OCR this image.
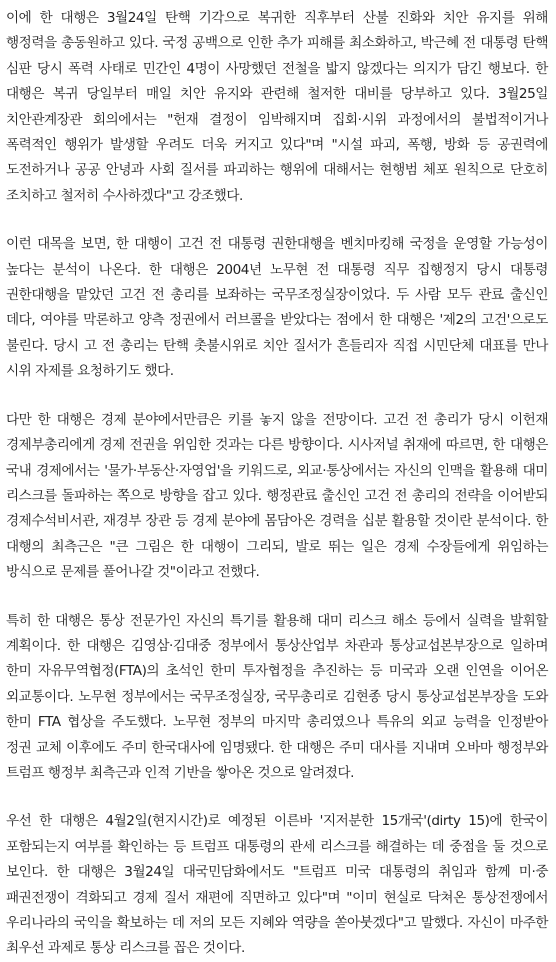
이에 한 대행은 3월24일 탄핵 기각으로 복귀한 직후부터 산불 진화와 치안 유지를 위해 행정력을 총동원하고 있다. 국정 공백으로 인한 추가 피해를 최소화하고, 박근혜 전 대통령 탄핵 심판 당시 폭력 사태로 민간인 4명이 사망했던 전철을 밟지 않겠다는 의지가 담긴 행보다. 한 대행은 복귀 당일부터 매일 치안 유지와 관련해 철저한 대비를 당부하고 있다. 3월25일 치안관계장관 회의에서는 "헌재 결정이 임박해지며 집회·시위 과정에서의 불법적이거나 폭력적인 행위가 발생할 우려도 더욱 커지고 있다"며 "시설 파괴, 폭행, 방화 등 공권력에 도전하거나 공공 안녕과 사회 질서를 파괴하는 행위에 대해서는 현행범 체포 원칙으로 단호히 조치하고 철저히 수사하겠다"고 강조했다.

이런 대목을 보면, 한 대행이 고건 전 대통령 권한대행을 벤치마킹해 국정을 운영할 가능성이 높다는 분석이 나온다. 한 대행은 2004년 노무현 전 대통령 직무 집행정지 당시 대통령 권한대행을 맡았던 고건 전 총리를 보좌하는 국무조정실장이었다. 두 사람 모두 관료 출신인 데다, 여야를 막론하고 양측 정권에서 러브콜을 받았다는 점에서 한 대행은 '제2의 고건'으로도 불린다. 당시 고 전 총리는 탄핵 촛불시위로 치안 질서가 흔들리자 직접 시민단체 대표를 만나 시위 자제를 요청하기도 했다.

다만 한 대행은 경제 분야에서만큼은 키를 놓지 않을 전망이다. 고건 전 총리가 당시 이헌재 경제부총리에게 경제 전권을 위임한 것과는 다른 방향이다. 시사저널 취재에 따르면, 한 대행은 국내 경제에서는 '물가·부동산·자영업'을 키워드로, 외교·통상에서는 자신의 인맥을 활용해 대미 리스크를 돌파하는 쪽으로 방향을 잡고 있다. 행정관료 출신인 고건 전 총리의 전략을 이어받되 경제수석비서관, 재경부 장관 등 경제 분야에 몸담아온 경력을 십분 활용할 것이란 분석이다. 한 대행의 최측근은 "큰 그림은 한 대행이 그리되, 발로 뛰는 일은 경제 수장들에게 위임하는 방식으로 문제를 풀어나갈 것"이라고 전했다.

특히 한 대행은 통상 전문가인 자신의 특기를 활용해 대미 리스크 해소 등에서 실력을 발휘할 계획이다. 한 대행은 김영삼·김대중 정부에서 통상산업부 차관과 통상교섭본부장으로 일하며 한미 자유무역협정(FTA)의 초석인 한미 투자협정을 추진하는 등 미국과 오랜 인연을 이어온 외교통이다. 노무현 정부에서는 국무조정실장, 국무총리로 김현종 당시 통상교섭본부장을 도와 한미 FTA 협상을 주도했다. 노무현 정부의 마지막 총리였으나 특유의 외교 능력을 인정받아 정권 교체 이후에도 주미 한국대사에 임명됐다. 한 대행은 주미 대사를 지내며 오바마 행정부와 트럼프 행정부 최측근과 인적 기반을 쌓아온 것으로 알려졌다.

우선 한 대행은 4월2일(현지시간)로 예정된 이른바 '지저분한 15개국'(dirty 15)에 한국이 포함되는지 여부를 확인하는 등 트럼프 대통령의 관세 리스크를 해결하는 데 중점을 둘 것으로 보인다. 한 대행은 3월24일 대국민담화에서도 "트럼프 미국 대통령의 취임과 함께 미·중 패권전쟁이 격화되고 경제 질서 재편에 직면하고 있다"며 "이미 현실로 닥쳐온 통상전쟁에서 우리나라의 국익을 확보하는 데 저의 모든 지혜와 역량을 쏟아붓겠다"고 말했다. 자신이 마주한 최우선 과제로 통상 리스크를 꼽은 것이다.
